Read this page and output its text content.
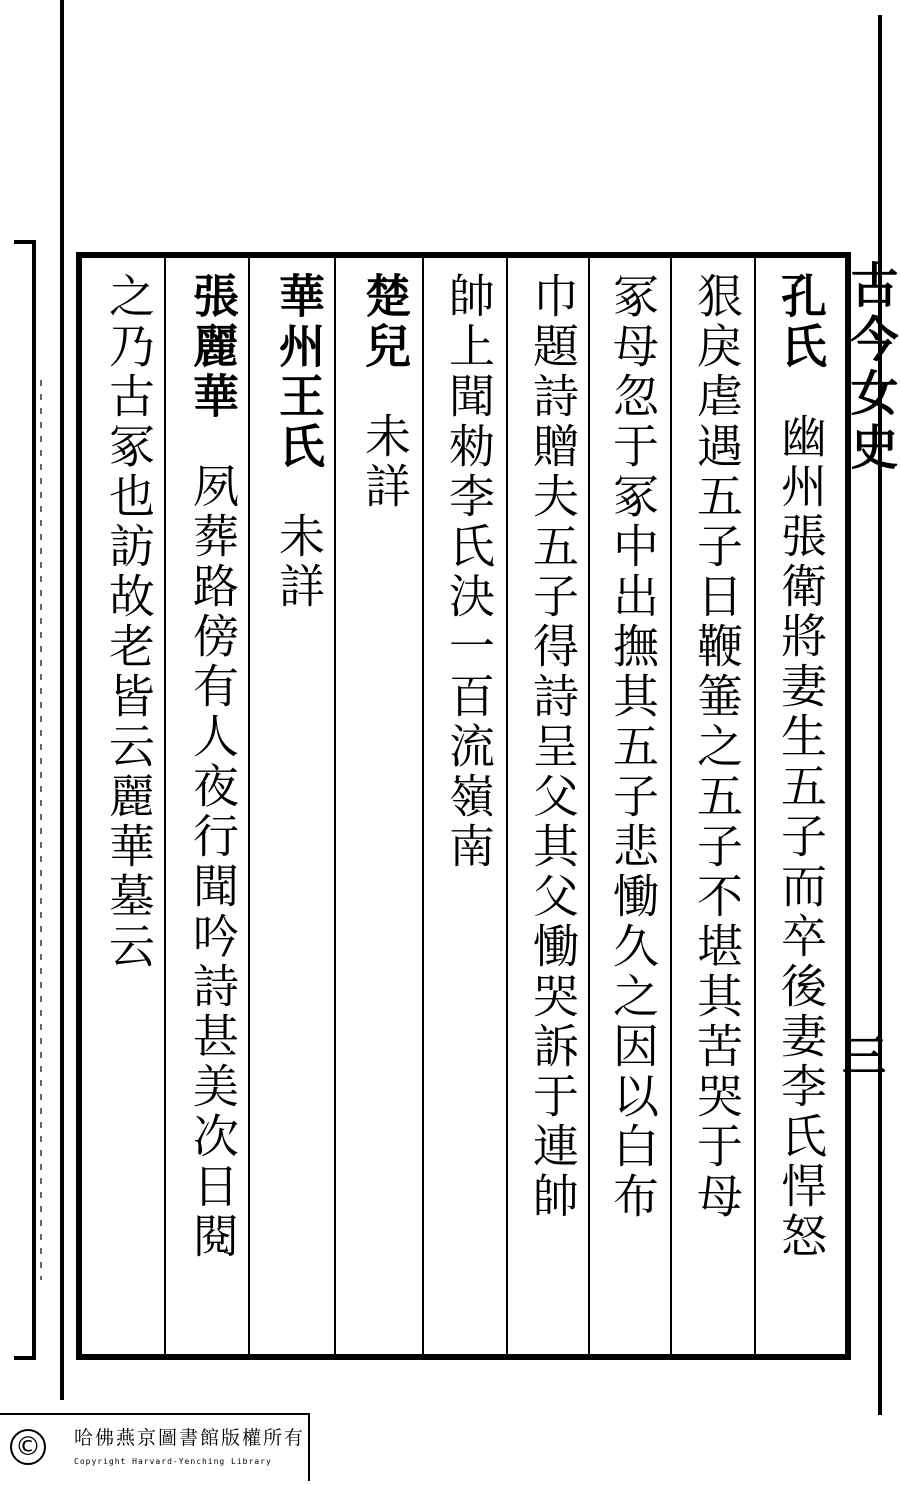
古今女史
三
孔氏幽州張衛將妻生五子而卒後妻李氏悍怒
狠戾虐遇五子日鞭箠之五子不堪其苦哭于母
冢母忽于冢中出撫其五子悲慟久之因以白布
巾題詩贈夫五子得詩呈父其父慟哭訴于連帥
帥上聞勑李氏決一百流嶺南
楚兒未詳
華州王氏未詳
張麗華夙葬路傍有人夜行聞吟詩甚美次日閱
之乃古冢也訪故老皆云麗華墓云
© 哈佛燕京圖書館版權所有
Copyright Harvard-Yenching Library
